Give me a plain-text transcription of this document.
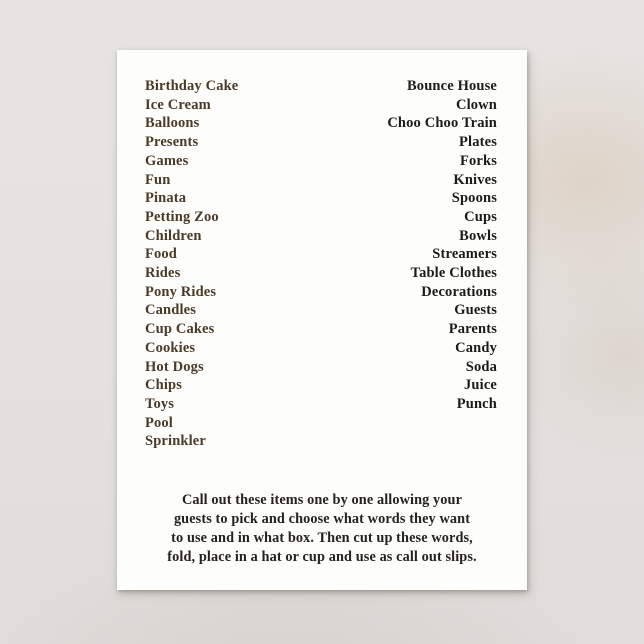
Birthday Cake
Ice Cream
Balloons
Presents
Games
Fun
Pinata
Petting Zoo
Children
Food
Rides
Pony Rides
Candles
Cup Cakes
Cookies
Hot Dogs
Chips
Toys
Pool
Sprinkler
Bounce House
Clown
Choo Choo Train
Plates
Forks
Knives
Spoons
Cups
Bowls
Streamers
Table Clothes
Decorations
Guests
Parents
Candy
Soda
Juice
Punch
Call out these items one by one allowing your
guests to pick and choose what words they want
to use and in what box. Then cut up these words,
fold, place in a hat or cup and use as call out slips.
